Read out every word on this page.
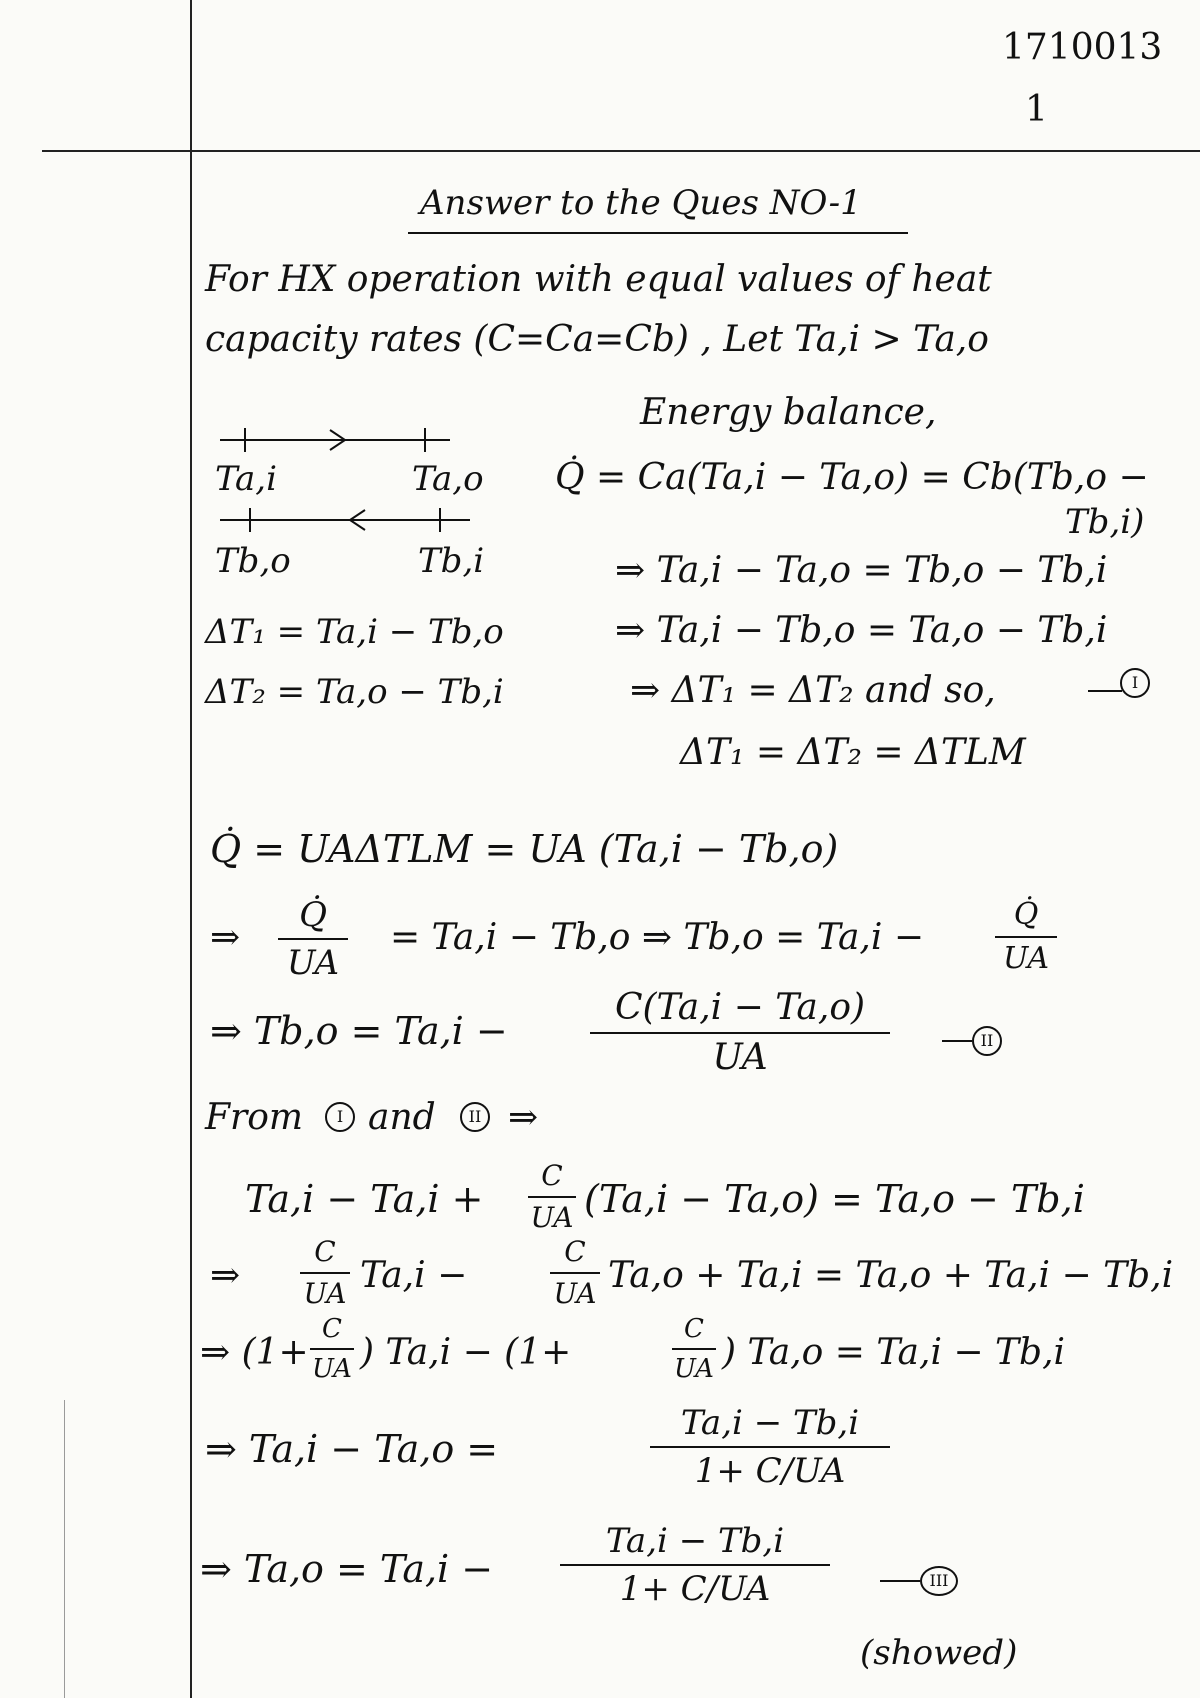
1710013
1
Answer to the Ques NO-1
For HX operation with equal values of heat
capacity rates (C=Ca=Cb) , Let Ta,i > Ta,o
Ta,i	Ta,o
Tb,o	Tb,i
ΔT₁ = Ta,i − Tb,o
ΔT₂ = Ta,o − Tb,i
Energy balance,
Q̇ = Ca(Ta,i − Ta,o) = Cb(Tb,o −
Tb,i)
⇒ Ta,i − Ta,o = Tb,o − Tb,i
⇒ Ta,i − Tb,o = Ta,o − Tb,i
⇒ ΔT₁ = ΔT₂ and so,	I
ΔT₁ = ΔT₂ = ΔTLM
Q̇ = UAΔTLM = UA (Ta,i − Tb,o)
⇒
Q̇
UA
= Ta,i − Tb,o ⇒ Tb,o = Ta,i −
Q̇
UA
⇒ Tb,o = Ta,i −
C(Ta,i − Ta,o)
UA	II
From	I and	II ⇒
Ta,i − Ta,i +
C
UA (Ta,i − Ta,o) = Ta,o − Tb,i
⇒
C
UA Ta,i −
C
UA Ta,o + Ta,i = Ta,o + Ta,i − Tb,i
⇒ (1+
C
UA ) Ta,i − (1+
C
UA ) Ta,o = Ta,i − Tb,i
⇒ Ta,i − Ta,o =
Ta,i − Tb,i
1+ C/UA
⇒ Ta,o = Ta,i −
Ta,i − Tb,i
1+ C/UA	III
(showed)
